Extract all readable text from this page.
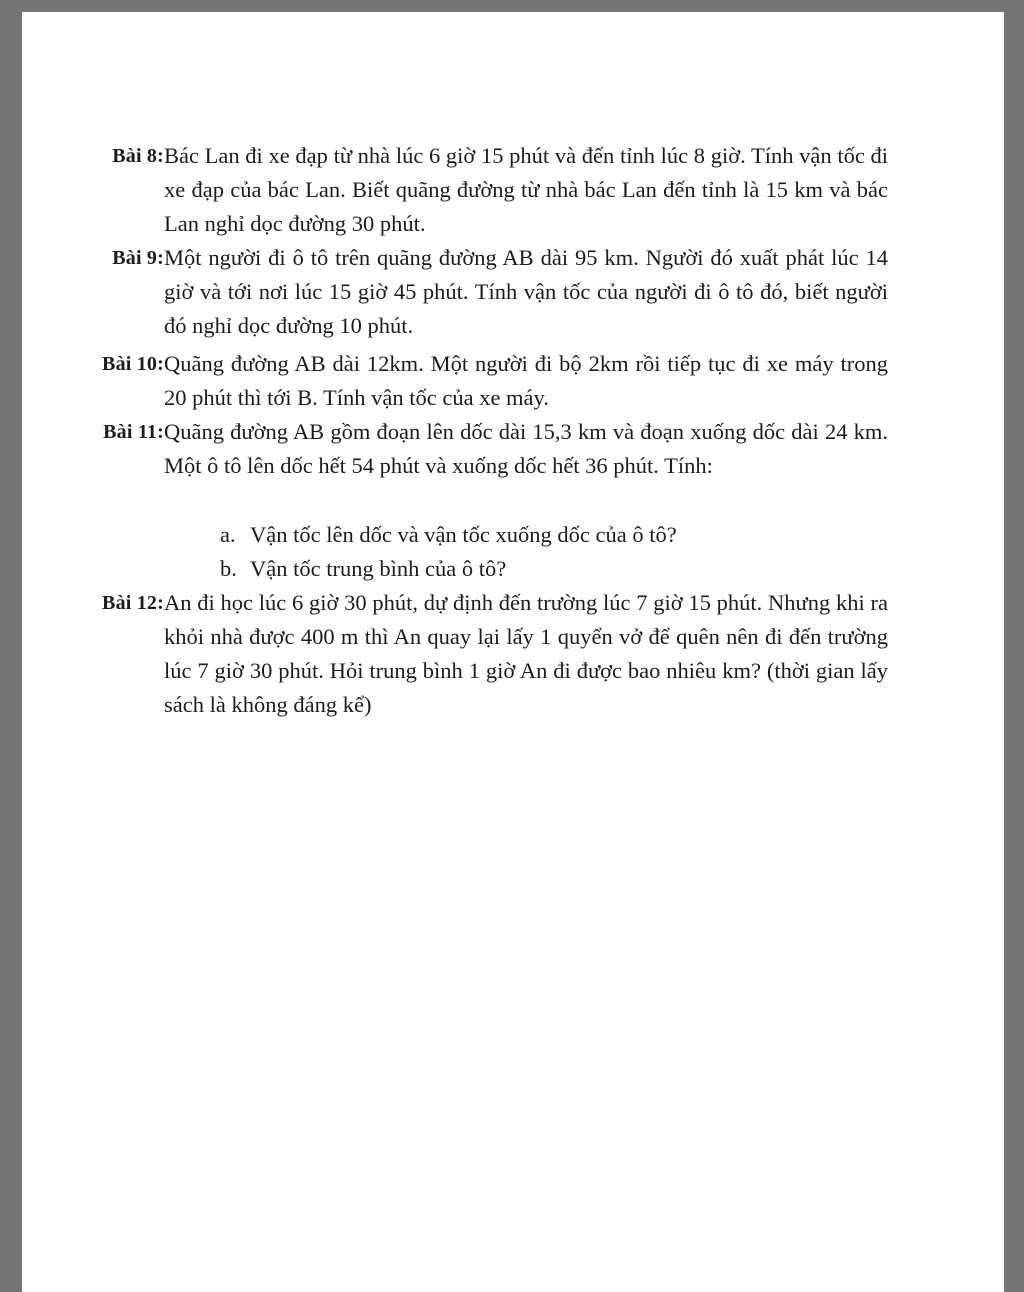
Bài 8: Bác Lan đi xe đạp từ nhà lúc 6 giờ 15 phút và đến tỉnh lúc 8 giờ. Tính vận tốc đi xe đạp của bác Lan. Biết quãng đường từ nhà bác Lan đến tỉnh là 15 km và bác Lan nghỉ dọc đường 30 phút.
Bài 9: Một người đi ô tô trên quãng đường AB dài 95 km. Người đó xuất phát lúc 14 giờ và tới nơi lúc 15 giờ 45 phút. Tính vận tốc của người đi ô tô đó, biết người đó nghỉ dọc đường 10 phút.
Bài 10: Quãng đường AB dài 12km. Một người đi bộ 2km rồi tiếp tục đi xe máy trong 20 phút thì tới B. Tính vận tốc của xe máy.
Bài 11: Quãng đường AB gồm đoạn lên dốc dài 15,3 km và đoạn xuống dốc dài 24 km. Một ô tô lên dốc hết 54 phút và xuống dốc hết 36 phút. Tính:
a. Vận tốc lên dốc và vận tốc xuống dốc của ô tô?
b. Vận tốc trung bình của ô tô?
Bài 12: An đi học lúc 6 giờ 30 phút, dự định đến trường lúc 7 giờ 15 phút. Nhưng khi ra khỏi nhà được 400 m thì An quay lại lấy 1 quyển vở để quên nên đi đến trường lúc 7 giờ 30 phút. Hỏi trung bình 1 giờ An đi được bao nhiêu km? (thời gian lấy sách là không đáng kể)
